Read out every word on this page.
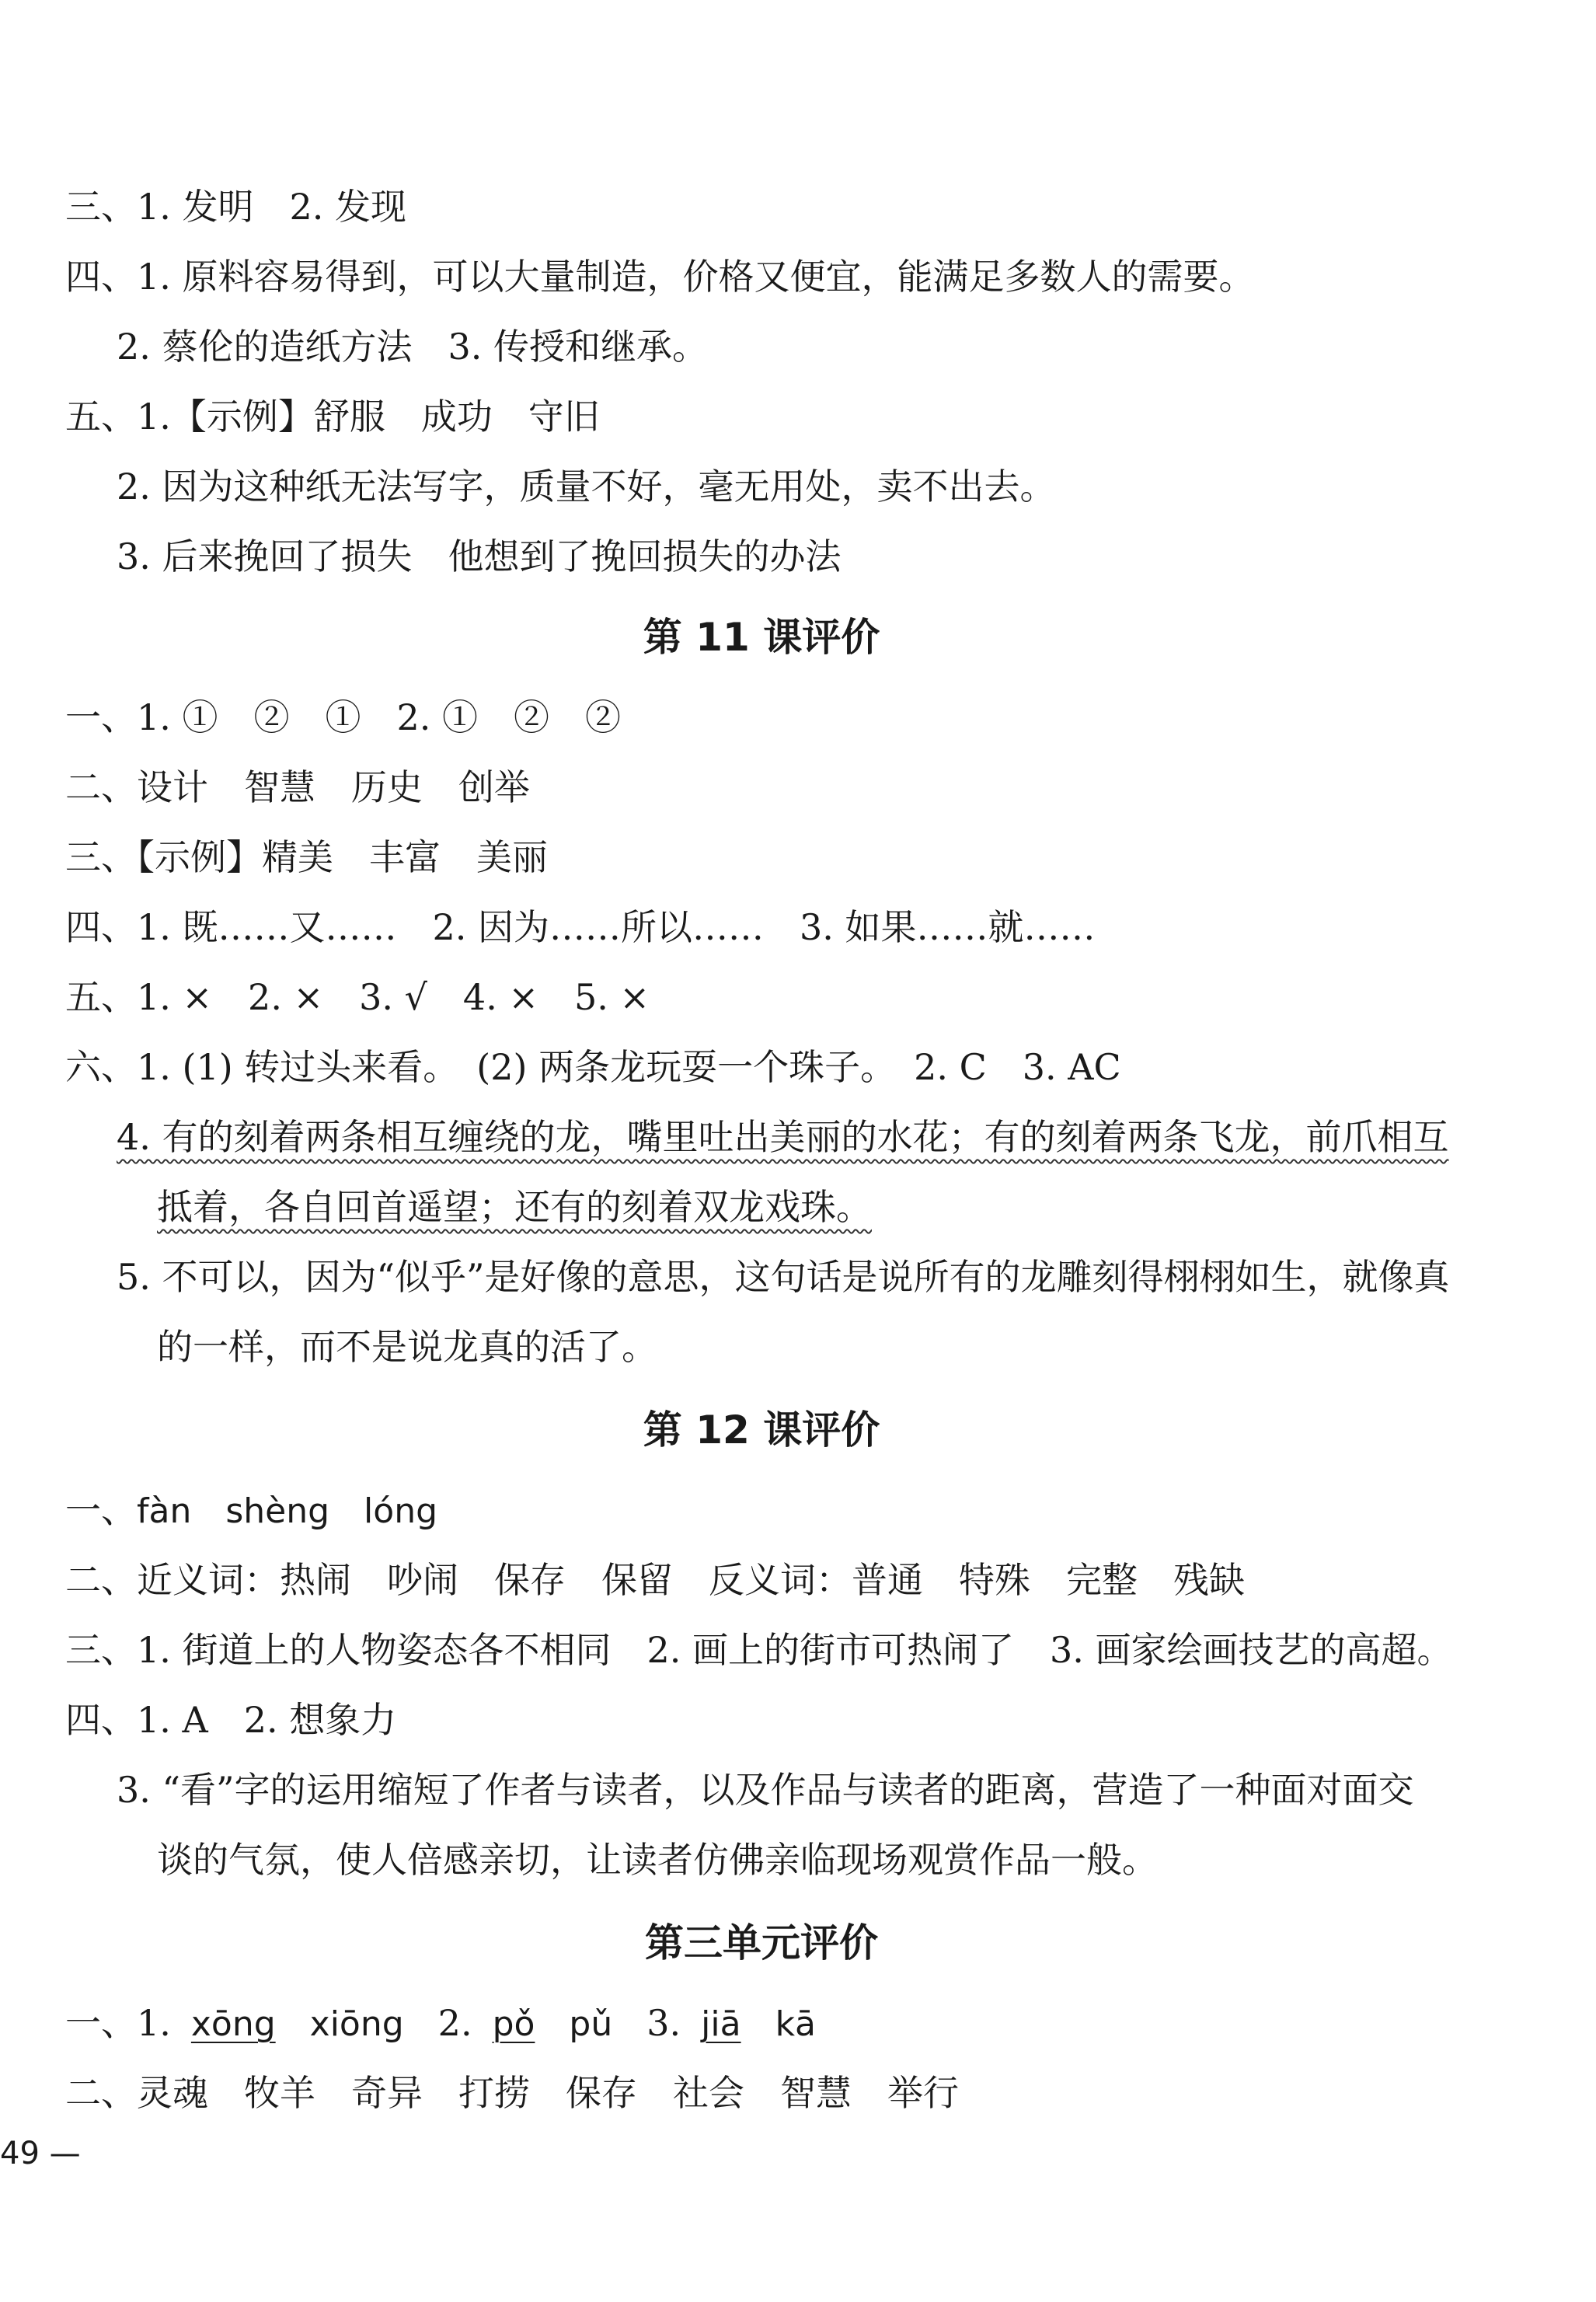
三、1. 发明　2. 发现
四、1. 原料容易得到，可以大量制造，价格又便宜，能满足多数人的需要。
2. 蔡伦的造纸方法　3. 传授和继承。
五、1.【示例】舒服　成功　守旧
2. 因为这种纸无法写字，质量不好，毫无用处，卖不出去。
3. 后来挽回了损失　他想到了挽回损失的办法
第 11 课评价
一、1. ①　②　①　2. ①　②　②
二、设计　智慧　历史　创举
三、【示例】精美　丰富　美丽
四、1. 既……又……　2. 因为……所以……　3. 如果……就……
五、1. ×　2. ×　3. √　4. ×　5. ×
六、1. (1) 转过头来看。　(2) 两条龙玩耍一个珠子。　2. C　3. AC
4. 有的刻着两条相互缠绕的龙，嘴里吐出美丽的水花；有的刻着两条飞龙，前爪相互
抵着，各自回首遥望；还有的刻着双龙戏珠。
5. 不可以，因为“似乎”是好像的意思，这句话是说所有的龙雕刻得栩栩如生，就像真
的一样，而不是说龙真的活了。
第 12 课评价
一、fàn shèng lóng
二、近义词：热闹　吵闹　保存　保留　反义词：普通　特殊　完整　残缺
三、1. 街道上的人物姿态各不相同　2. 画上的街市可热闹了　3. 画家绘画技艺的高超。
四、1. A　2. 想象力
3. “看”字的运用缩短了作者与读者，以及作品与读者的距离，营造了一种面对面交
谈的气氛，使人倍感亲切，让读者仿佛亲临现场观赏作品一般。
第三单元评价
一、1. xōng xiōng 2. pǒ pǔ 3. jiā kā
二、灵魂　牧羊　奇异　打捞　保存　社会　智慧　举行
49 —
